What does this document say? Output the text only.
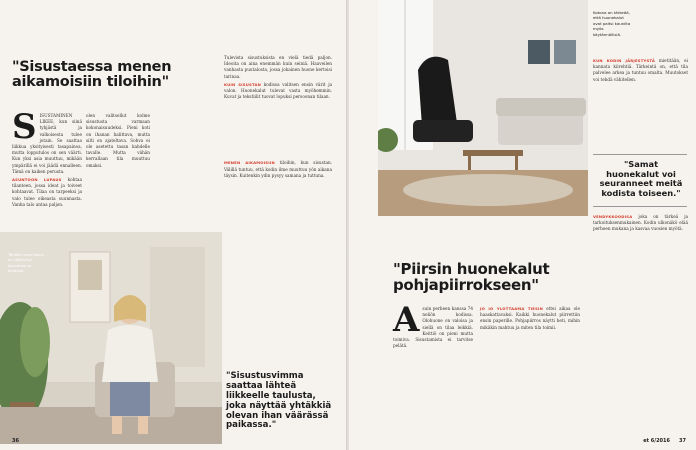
"Sisustaessa menen aikamoisiin tiloihin"
S ISUSTAMINEN LIKEE, kun siinä tyhjästä ja valkoisesta tulee jotain. Se saattaa liikkua yksityisesti tasapainoa, mutta lopputulos on sen väärti. Kun yksi asia muuttuu, mikään ympärillä ei voi jäädä ennalleen. Tämä on kaiken perusta.

ASUNTOON LUPAUS kohtaa tilanteen, jossa ideat ja toiveet kohtaavat. Tilaa on tarpeeksi ja valo tulee oikeasta suunnasta. Vanha talo antaa paljon.

olen valitsellut kolme sisustusta varmaan kokonaisuudeksi. Pieni koti on ihanan halittava, mutta silti on ajateltava. Sohva ei ole asetettu tasan kahdelle tavalle. Mutta vähän kerrallaan tila muuttuu omaksi.

Tulevista sisustuksista en vielä tiedä paljon. Ideoita on aina enemmän kuin seiniä. Haaveilen vanhasta puutalosta, jossa jokainen huone kertoisi tarinaa.

KUIN SISUSTAN kodissa valitsen ensin värit ja valon. Huonekalut tulevat vasta myöhemmin. Kuvat ja tekstiilit tuovat lopuksi persoonan tilaan.

MENEN AIKAMOISIIN tiloihin, kun sisustan. Välillä tuntuu, että kodin ilme muuttuu yön aikana täysin. Kuitenkin ydin pysyy samana ja tuttuna.

Tänään oma taloni on täyttynyt kasveista ja kirjoista.
"Sisustusvimma saattaa lähteä liikkeelle taulusta, joka näyttää yhtäkkiä olevan ihan väärässä paikassa."
36
Kotona on tärkeää, että huonekalut ovat paitsi kauniita myös käytännöllisiä.

KUN KODIN JÄRJESTYSTÄ mietitään, ei kannata kiirehtiä. Tärkeintä on, että tila palvelee arkea ja tuntuu omalta. Muutokset voi tehdä vähitellen.

"Samat huonekalut voi seuranneet meitä kodista toiseen."

VENDYKKOODISA joka on tärkeä ja tarkoituksenmukainen. Kodin ulkonäkö elää perheen mukana ja kasvaa vuosien myötä.

"Piirsin huonekalut pohjapiirrokseen"
A suin perheen kanssa 74 neliön kodissa. Olohuone on valoisa ja siellä on tilaa leikkiä. Keittiö on pieni mutta toimiva. Sisustamista ei tarvitse pelätä.

JO IO YLOTTAAMA TIESIN ettei aikaa ole haaskattavaksi. Kaikki huonekalut piirrettiin ensin paperille. Pohjapiirros näytti heti, mihin mikäkin mahtuu ja miten tila toimii.

et 6/2016 37
